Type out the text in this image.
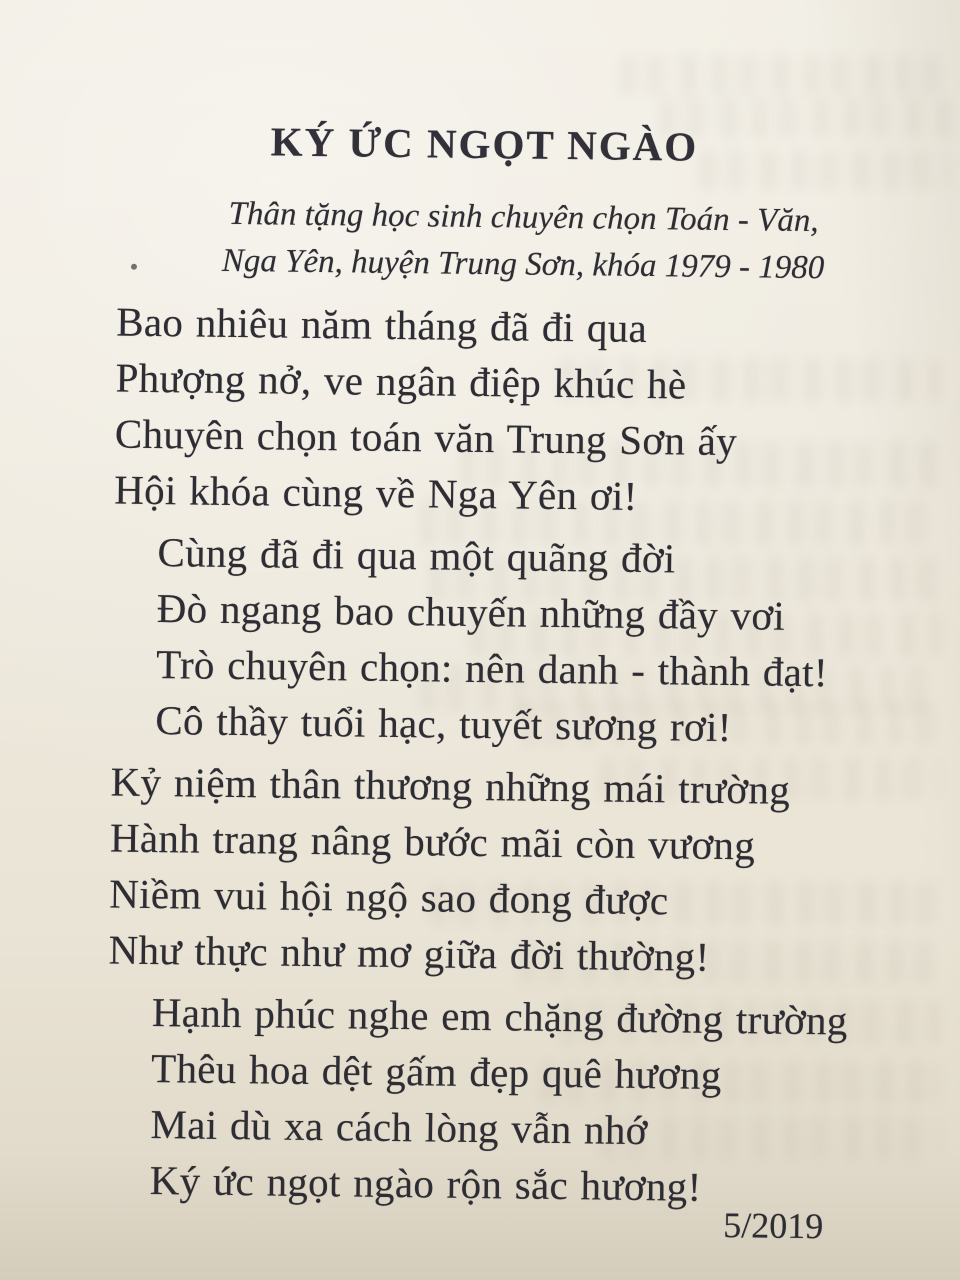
KÝ ỨC NGỌT NGÀO
Thân tặng học sinh chuyên chọn Toán - Văn,
Nga Yên, huyện Trung Sơn, khóa 1979 - 1980
Bao nhiêu năm tháng đã đi qua
Phượng nở, ve ngân điệp khúc hè
Chuyên chọn toán văn Trung Sơn ấy
Hội khóa cùng về Nga Yên ơi!
Cùng đã đi qua một quãng đời
Đò ngang bao chuyến những đầy vơi
Trò chuyên chọn: nên danh - thành đạt!
Cô thầy tuổi hạc, tuyết sương rơi!
Kỷ niệm thân thương những mái trường
Hành trang nâng bước mãi còn vương
Niềm vui hội ngộ sao đong được
Như thực như mơ giữa đời thường!
Hạnh phúc nghe em chặng đường trường
Thêu hoa dệt gấm đẹp quê hương
Mai dù xa cách lòng vẫn nhớ
Ký ức ngọt ngào rộn sắc hương!
5/2019
